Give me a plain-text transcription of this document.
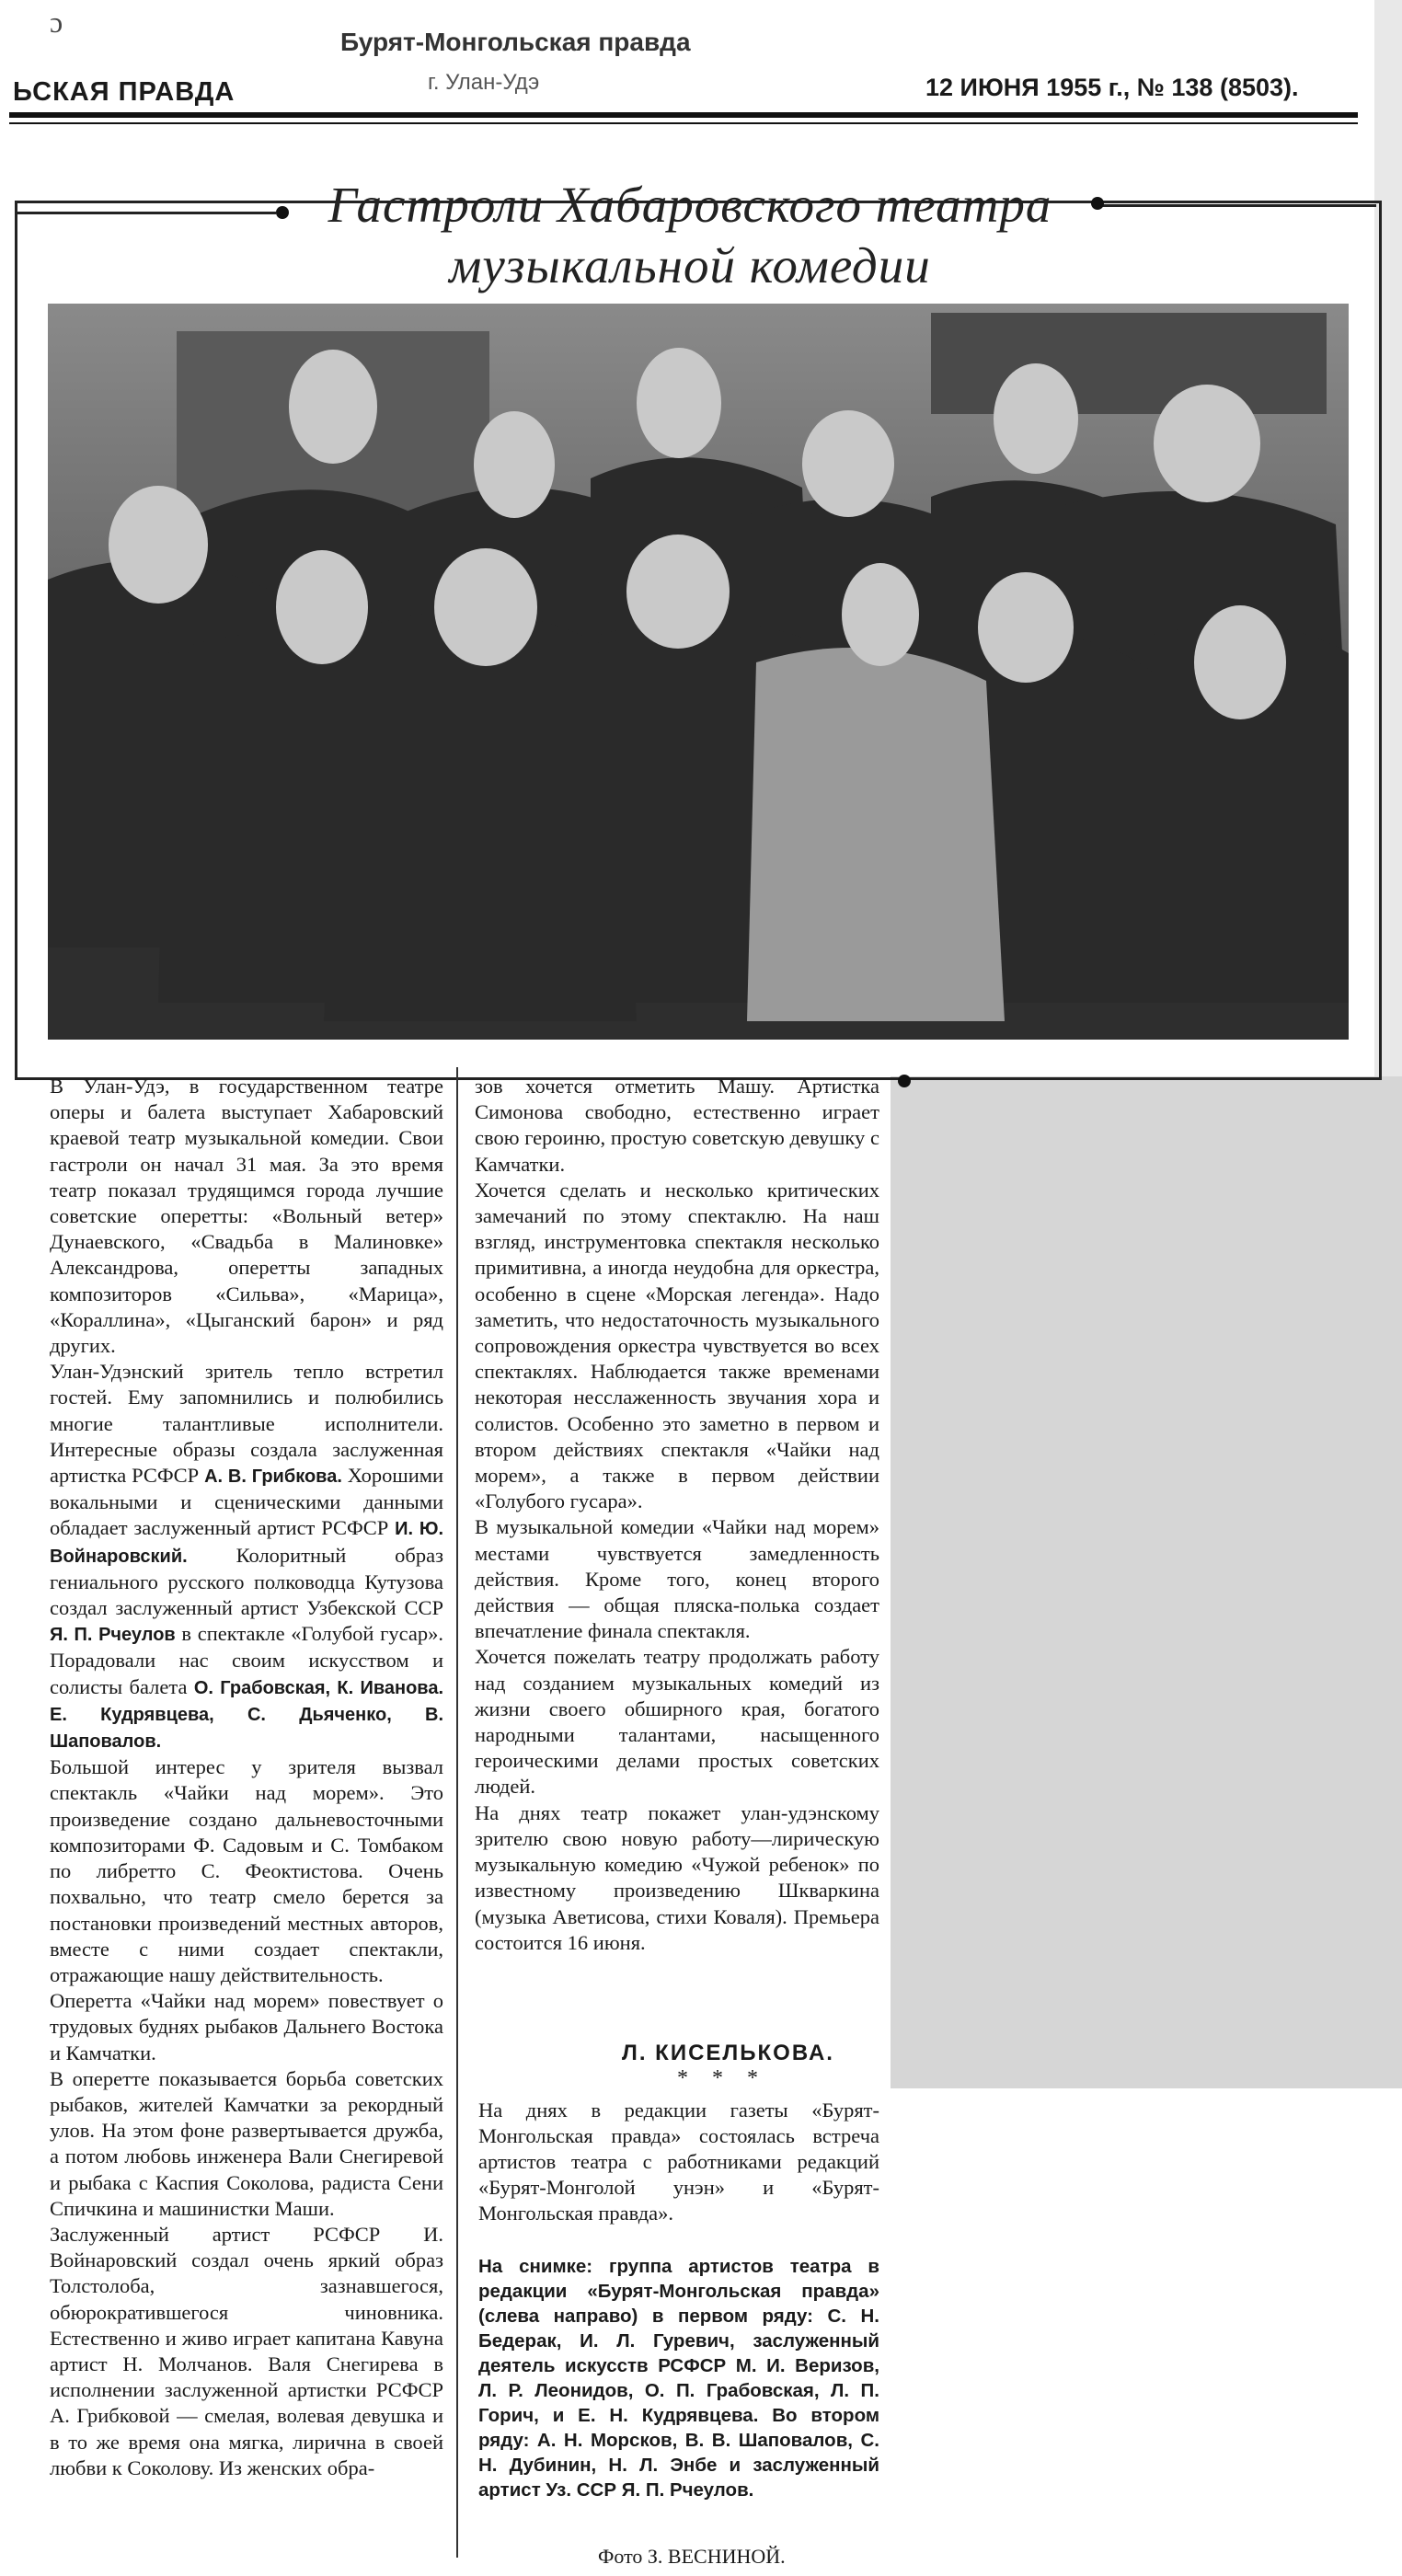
ɔ
ЬСКАЯ ПРАВДА
Бурят-Монгольская правда
г. Улан-Удэ	12 ИЮНЯ 1955 г., № 138 (8503).
Гастроли Хабаровского театра
музыкальной комедии
В Улан-Удэ, в государственном театре оперы и балета выступает Хабаровский краевой театр музыкальной комедии. Свои гастроли он начал 31 мая. За это время театр показал трудящимся города лучшие советские оперетты: «Вольный ветер» Дунаевского, «Свадьба в Малиновке» Александрова, оперетты западных композиторов «Сильва», «Марица», «Кораллина», «Цыганский барон» и ряд других.
Улан-Удэнский зритель тепло встретил гостей. Ему запомнились и полюбились многие талантливые исполнители. Интересные образы создала заслуженная артистка РСФСР А. В. Грибкова. Хорошими вокальными и сценическими данными обладает заслуженный артист РСФСР И. Ю. Войнаровский. Колоритный образ гениального русского полководца Кутузова создал заслуженный артист Узбекской ССР Я. П. Рчеулов в спектакле «Голубой гусар». Порадовали нас своим искусством и солисты балета О. Грабовская, К. Иванова. Е. Кудрявцева, С. Дьяченко, В. Шаповалов.
Большой интерес у зрителя вызвал спектакль «Чайки над морем». Это произведение создано дальневосточными композиторами Ф. Садовым и С. Томбаком по либретто С. Феоктистова. Очень похвально, что театр смело берется за постановки произведений местных авторов, вместе с ними создает спектакли, отражающие нашу действительность.
Оперетта «Чайки над морем» повествует о трудовых буднях рыбаков Дальнего Востока и Камчатки.
В оперетте показывается борьба советских рыбаков, жителей Камчатки за рекордный улов. На этом фоне развертывается дружба, а потом любовь инженера Вали Снегиревой и рыбака с Каспия Соколова, радиста Сени Спичкина и машинистки Маши.
Заслуженный артист РСФСР И. Войнаровский создал очень яркий образ Толстолоба, зазнавшегося, обюрократившегося чиновника. Естественно и живо играет капитана Кавуна артист Н. Молчанов. Валя Снегирева в исполнении заслуженной артистки РСФСР А. Грибковой — смелая, волевая девушка и в то же время она мягка, лирична в своей любви к Соколову. Из женских обра-
зов хочется отметить Машу. Артистка Симонова свободно, естественно играет свою героиню, простую советскую девушку с Камчатки.
Хочется сделать и несколько критических замечаний по этому спектаклю. На наш взгляд, инструментовка спектакля несколько примитивна, а иногда неудобна для оркестра, особенно в сцене «Морская легенда». Надо заметить, что недостаточность музыкального сопровождения оркестра чувствуется во всех спектаклях. Наблюдается также временами некоторая несслаженность звучания хора и солистов. Особенно это заметно в первом и втором действиях спектакля «Чайки над морем», а также в первом действии «Голубого гусара».
В музыкальной комедии «Чайки над морем» местами чувствуется замедленность действия. Кроме того, конец второго действия — общая пляска-полька создает впечатление финала спектакля.
Хочется пожелать театру продолжать работу над созданием музыкальных комедий из жизни своего обширного края, богатого народными талантами, насыщенного героическими делами простых советских людей.
На днях театр покажет улан-удэнскому зрителю свою новую работу—лирическую музыкальную комедию «Чужой ребенок» по известному произведению Шкваркина (музыка Аветисова, стихи Коваля). Премьера состоится 16 июня.
Л. КИСЕЛЬКОВА.
* * *
На днях в редакции газеты «Бурят-Монгольская правда» состоялась встреча артистов театра с работниками редакций «Бурят-Монголой унэн» и «Бурят-Монгольская правда».
На снимке: группа артистов театра в редакции «Бурят-Монгольская правда» (слева направо) в первом ряду: С. Н. Бедерак, И. Л. Гуревич, заслуженный деятель искусств РСФСР М. И. Веризов, Л. Р. Леонидов, О. П. Грабовская, Л. П. Горич, и Е. Н. Кудрявцева. Во втором ряду: А. Н. Морсков, В. В. Шаповалов, С. Н. Дубинин, Н. Л. Энбе и заслуженный артист Уз. ССР Я. П. Рчеулов.
Фото З. ВЕСНИНОЙ.
